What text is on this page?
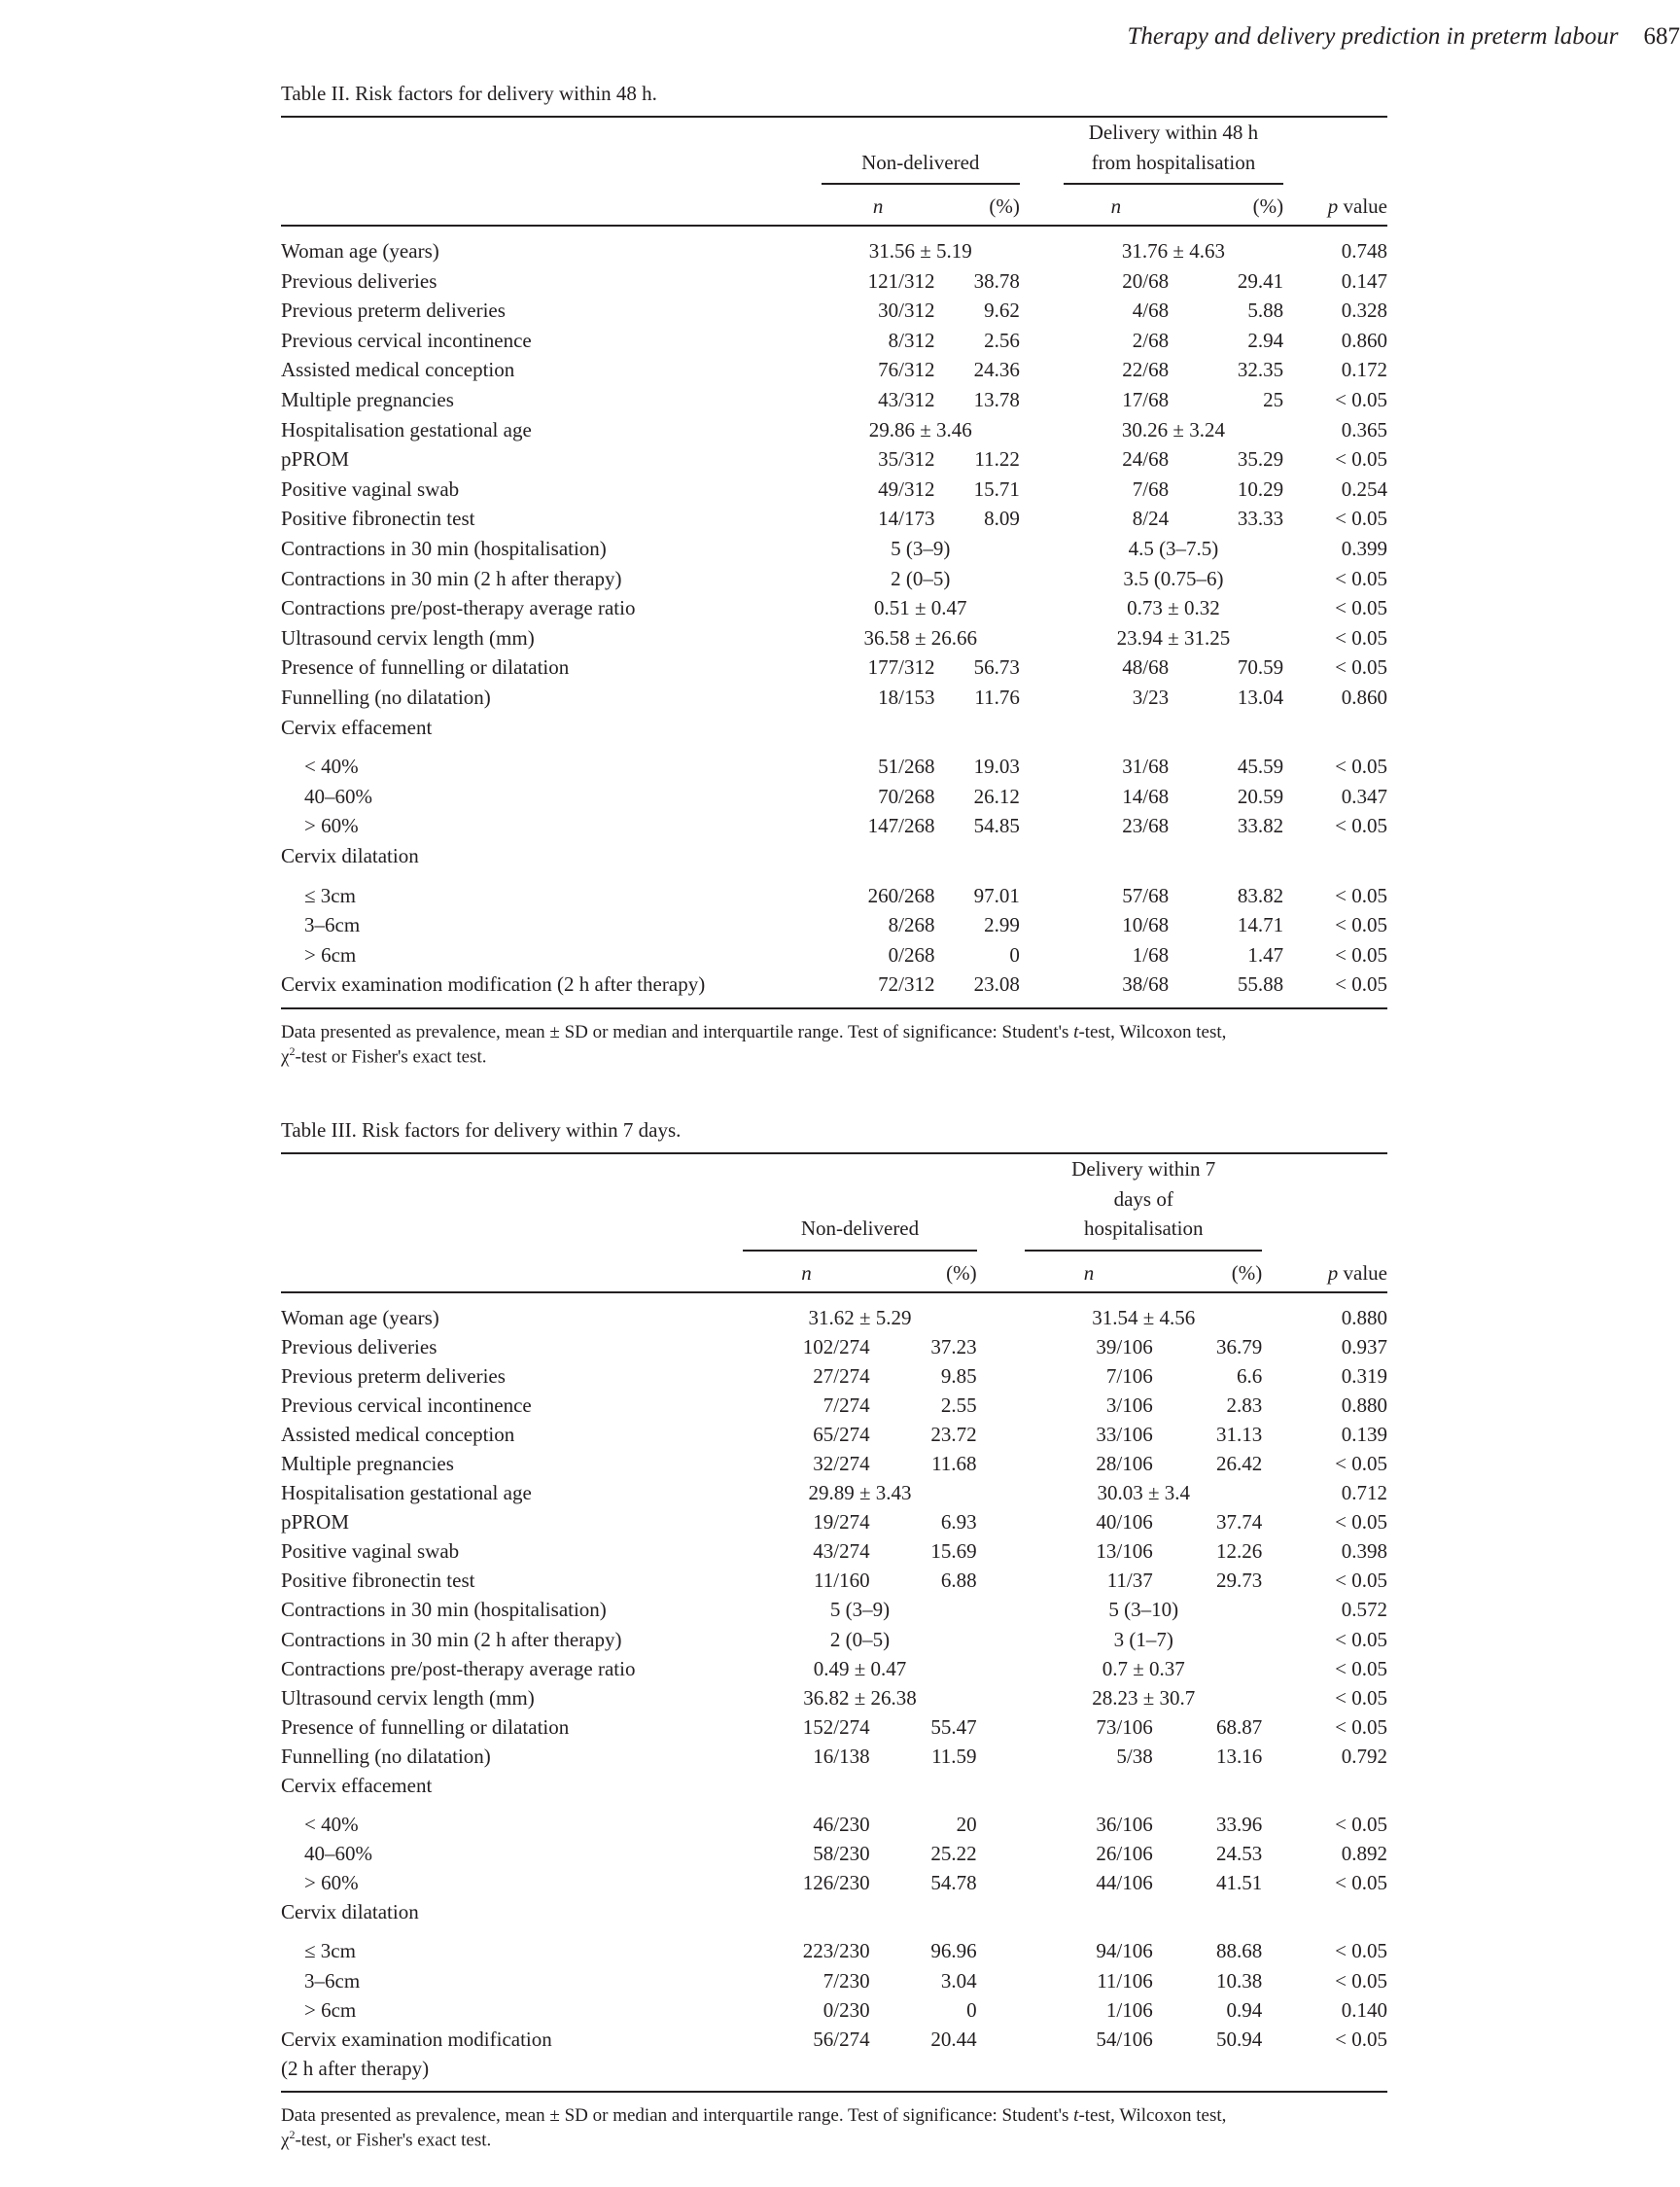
Therapy and delivery prediction in preterm labour 687
Table II. Risk factors for delivery within 48 h.
	Non-delivered			Delivery within 48 h
from hospitalisation		

	n	(%)		n	(%)	p value

Woman age (years)	31.56 ± 5.19			31.76 ± 4.63		0.748
Previous deliveries	121/312	38.78		20/68	29.41	0.147
Previous preterm deliveries	30/312	9.62		4/68	5.88	0.328
Previous cervical incontinence	8/312	2.56		2/68	2.94	0.860
Assisted medical conception	76/312	24.36		22/68	32.35	0.172
Multiple pregnancies	43/312	13.78		17/68	25	< 0.05
Hospitalisation gestational age	29.86 ± 3.46			30.26 ± 3.24		0.365
pPROM	35/312	11.22		24/68	35.29	< 0.05
Positive vaginal swab	49/312	15.71		7/68	10.29	0.254
Positive fibronectin test	14/173	8.09		8/24	33.33	< 0.05
Contractions in 30 min (hospitalisation)	5 (3–9)			4.5 (3–7.5)		0.399
Contractions in 30 min (2 h after therapy)	2 (0–5)			3.5 (0.75–6)		< 0.05
Contractions pre/post-therapy average ratio	0.51 ± 0.47			0.73 ± 0.32		< 0.05
Ultrasound cervix length (mm)	36.58 ± 26.66			23.94 ± 31.25		< 0.05
Presence of funnelling or dilatation	177/312	56.73		48/68	70.59	< 0.05
Funnelling (no dilatation)	18/153	11.76		3/23	13.04	0.860
Cervix effacement						

< 40%	51/268	19.03		31/68	45.59	< 0.05
40–60%	70/268	26.12		14/68	20.59	0.347
> 60%	147/268	54.85		23/68	33.82	< 0.05
Cervix dilatation						

≤ 3cm	260/268	97.01		57/68	83.82	< 0.05
3–6cm	8/268	2.99		10/68	14.71	< 0.05
> 6cm	0/268	0		1/68	1.47	< 0.05
Cervix examination modification (2 h after therapy)	72/312	23.08		38/68	55.88	< 0.05
Data presented as prevalence, mean ± SD or median and interquartile range. Test of significance: Student's t-test, Wilcoxon test,
$\chi^2$-test or Fisher's exact test.
Table III. Risk factors for delivery within 7 days.
	Non-delivered			Delivery within 7
days of
hospitalisation		

	n	(%)		n	(%)	p value

Woman age (years)	31.62 ± 5.29			31.54 ± 4.56		0.880
Previous deliveries	102/274	37.23		39/106	36.79	0.937
Previous preterm deliveries	27/274	9.85		7/106	6.6	0.319
Previous cervical incontinence	7/274	2.55		3/106	2.83	0.880
Assisted medical conception	65/274	23.72		33/106	31.13	0.139
Multiple pregnancies	32/274	11.68		28/106	26.42	< 0.05
Hospitalisation gestational age	29.89 ± 3.43			30.03 ± 3.4		0.712
pPROM	19/274	6.93		40/106	37.74	< 0.05
Positive vaginal swab	43/274	15.69		13/106	12.26	0.398
Positive fibronectin test	11/160	6.88		11/37	29.73	< 0.05
Contractions in 30 min (hospitalisation)	5 (3–9)			5 (3–10)		0.572
Contractions in 30 min (2 h after therapy)	2 (0–5)			3 (1–7)		< 0.05
Contractions pre/post-therapy average ratio	0.49 ± 0.47			0.7 ± 0.37		< 0.05
Ultrasound cervix length (mm)	36.82 ± 26.38			28.23 ± 30.7		< 0.05
Presence of funnelling or dilatation	152/274	55.47		73/106	68.87	< 0.05
Funnelling (no dilatation)	16/138	11.59		5/38	13.16	0.792
Cervix effacement						

< 40%	46/230	20		36/106	33.96	< 0.05
40–60%	58/230	25.22		26/106	24.53	0.892
> 60%	126/230	54.78		44/106	41.51	< 0.05
Cervix dilatation						

≤ 3cm	223/230	96.96		94/106	88.68	< 0.05
3–6cm	7/230	3.04		11/106	10.38	< 0.05
> 6cm	0/230	0		1/106	0.94	0.140
Cervix examination modification	56/274	20.44		54/106	50.94	< 0.05
(2 h after therapy)						
Data presented as prevalence, mean ± SD or median and interquartile range. Test of significance: Student's t-test, Wilcoxon test,
$\chi^2$-test, or Fisher's exact test.
